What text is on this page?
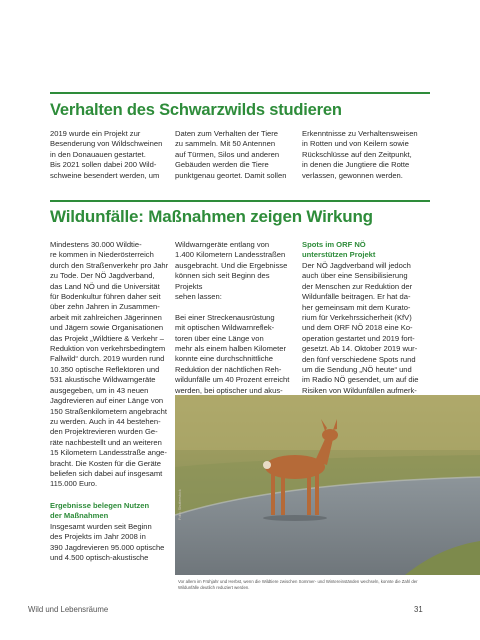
Verhalten des Schwarzwilds studieren

2019 wurde ein Projekt zur
Besenderung von Wildschweinen
in den Donauauen gestartet.
Bis 2021 sollen dabei 200 Wild-
schweine besendert werden, um

Daten zum Verhalten der Tiere
zu sammeln. Mit 50 Antennen
auf Türmen, Silos und anderen
Gebäuden werden die Tiere
punktgenau geortet. Damit sollen

Erkenntnisse zu Verhaltensweisen
in Rotten und von Keilern sowie
Rückschlüsse auf den Zeitpunkt,
in denen die Jungtiere die Rotte
verlassen, gewonnen werden.

Wildunfälle: Maßnahmen zeigen Wirkung

Mindestens 30.000 Wildtie-
re kommen in Niederösterreich
durch den Straßenverkehr pro Jahr
zu Tode. Der NÖ Jagdverband,
das Land NÖ und die Universität
für Bodenkultur führen daher seit
über zehn Jahren in Zusammen-
arbeit mit zahlreichen Jägerinnen
und Jägern sowie Organisationen
das Projekt „Wildtiere & Verkehr –
Reduktion von verkehrsbedingtem
Fallwild“ durch. 2019 wurden rund
10.350 optische Reflektoren und
531 akustische Wildwarngeräte
ausgegeben, um in 43 neuen
Jagdrevieren auf einer Länge von
150 Straßenkilometern angebracht
zu werden. Auch in 44 bestehen-
den Projektrevieren wurden Ge-
räte nachbestellt und an weiteren
15 Kilometern Landesstraße ange-
bracht. Die Kosten für die Geräte
beliefen sich dabei auf insgesamt
115.000 Euro.

Ergebnisse belegen Nutzen
der Maßnahmen

Insgesamt wurden seit Beginn
des Projekts im Jahr 2008 in
390 Jagdrevieren 95.000 optische
und 4.500 optisch-akustische

Wildwarngeräte entlang von
1.400 Kilometern Landesstraßen
ausgebracht. Und die Ergebnisse
können sich seit Beginn des Projekts
sehen lassen:

Bei einer Streckenausrüstung
mit optischen Wildwarnreflek-
toren über eine Länge von
mehr als einem halben Kilometer
konnte eine durchschnittliche
Reduktion der nächtlichen Reh-
wildunfälle um 40 Prozent erreicht
werden, bei optischer und akus-

Spots im ORF NÖ
unterstützen Projekt

Der NÖ Jagdverband will jedoch
auch über eine Sensibilisierung
der Menschen zur Reduktion der
Wildunfälle beitragen. Er hat da-
her gemeinsam mit dem Kurato-
rium für Verkehrssicherheit (KfV)
und dem ORF NÖ 2018 eine Ko-
operation gestartet und 2019 fort-
gesetzt. Ab 14. Oktober 2019 wur-
den fünf verschiedene Spots rund
um die Sendung „NÖ heute“ und
im Radio NÖ gesendet, um auf die
Risiken von Wildunfällen aufmerk-

Foto: Shutterstock

Vor allem im Frühjahr und Herbst, wenn die Wildtiere zwischen Sommer- und Wintereinständen wechseln, konnte die Zahl der Wildunfälle deutlich reduziert werden.

Wild und Lebensräume	31
